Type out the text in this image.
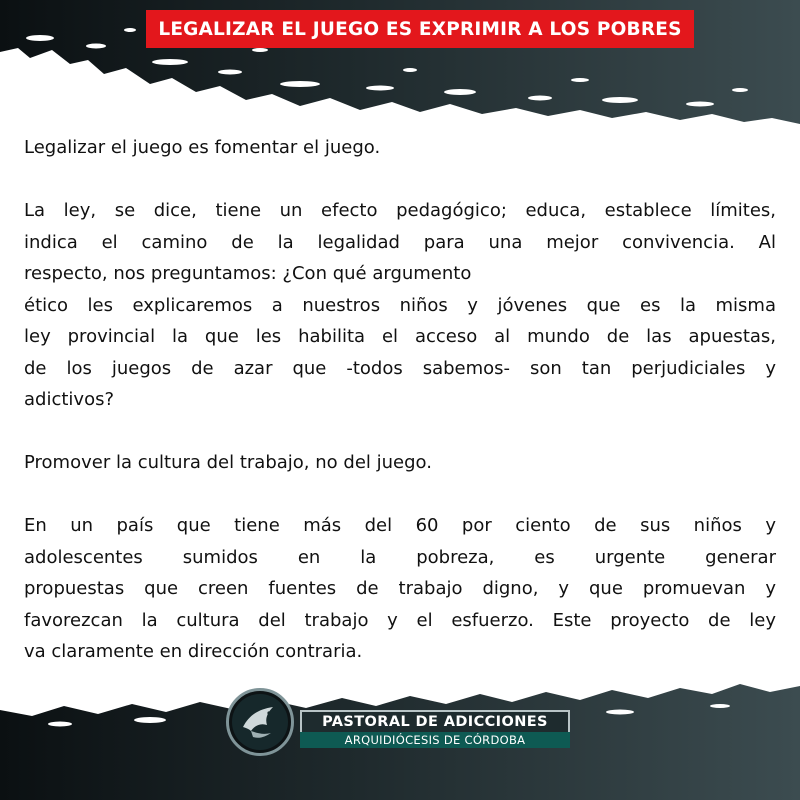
LEGALIZAR EL JUEGO ES EXPRIMIR A LOS POBRES

Legalizar el juego es fomentar el juego.

La ley, se dice, tiene un efecto pedagógico; educa, establece límites,

indica el camino de la legalidad para una mejor convivencia. Al

respecto, nos preguntamos: ¿Con qué argumento

ético les explicaremos a nuestros niños y jóvenes que es la misma

ley provincial la que les habilita el acceso al mundo de las apuestas,

de los juegos de azar que -todos sabemos- son tan perjudiciales y

adictivos?

Promover la cultura del trabajo, no del juego.

En un país que tiene más del 60 por ciento de sus niños y

adolescentes sumidos en la pobreza, es urgente generar

propuestas que creen fuentes de trabajo digno, y que promuevan y

favorezcan la cultura del trabajo y el esfuerzo. Este proyecto de ley

va claramente en dirección contraria.

PASTORAL DE ADICCIONES
ARQUIDIÓCESIS DE CÓRDOBA
